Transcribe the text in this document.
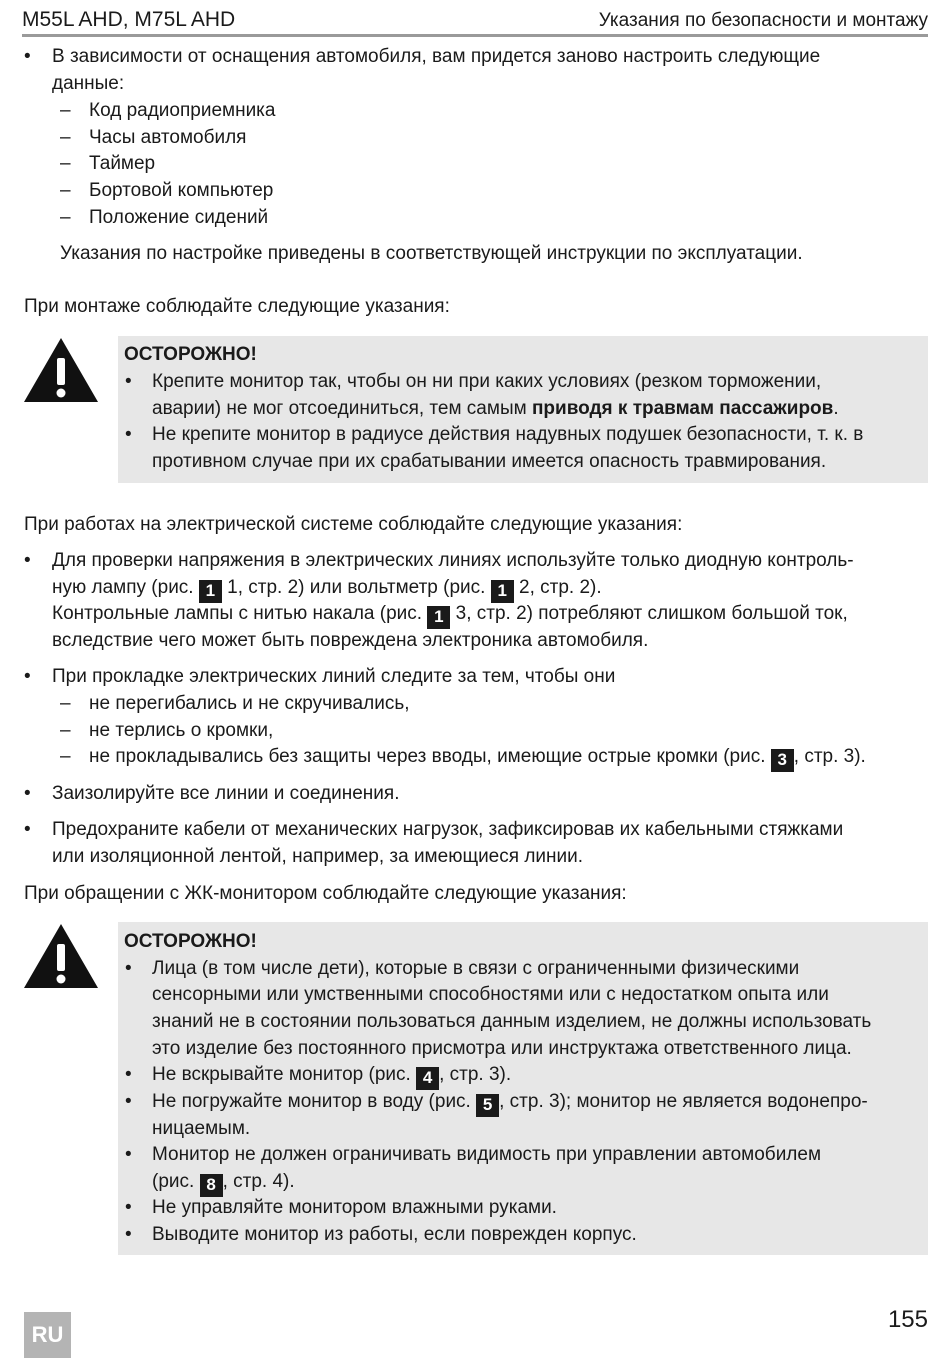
M55L AHD, M75L AHD	Указания по безопасности и монтажу
• В зависимости от оснащения автомобиля, вам придется заново настроить следующие
данные:
– Код радиоприемника
– Часы автомобиля
– Таймер
– Бортовой компьютер
– Положение сидений
Указания по настройке приведены в соответствующей инструкции по эксплуатации.
При монтаже соблюдайте следующие указания:
ОСТОРОЖНО!
• Крепите монитор так, чтобы он ни при каких условиях (резком торможении,
аварии) не мог отсоединиться, тем самым приводя к травмам пассажиров.
• Не крепите монитор в радиусе действия надувных подушек безопасности, т. к. в
противном случае при их срабатывании имеется опасность травмирования.
При работах на электрической системе соблюдайте следующие указания:
• Для проверки напряжения в электрических линиях используйте только диодную контроль-
ную лампу (рис. 1 1, стр. 2) или вольтметр (рис. 1 2, стр. 2).
Контрольные лампы с нитью накала (рис. 1 3, стр. 2) потребляют слишком большой ток,
вследствие чего может быть повреждена электроника автомобиля.
• При прокладке электрических линий следите за тем, чтобы они
– не перегибались и не скручивались,
– не терлись о кромки,
– не прокладывались без защиты через вводы, имеющие острые кромки (рис. 3 , стр. 3).
• Заизолируйте все линии и соединения.
• Предохраните кабели от механических нагрузок, зафиксировав их кабельными стяжками
или изоляционной лентой, например, за имеющиеся линии.
При обращении с ЖК-монитором соблюдайте следующие указания:
ОСТОРОЖНО!
• Лица (в том числе дети), которые в связи с ограниченными физическими
сенсорными или умственными способностями или с недостатком опыта или
знаний не в состоянии пользоваться данным изделием, не должны использовать
это изделие без постоянного присмотра или инструктажа ответственного лица.
• Не вскрывайте монитор (рис. 4 , стр. 3).
• Не погружайте монитор в воду (рис. 5 , стр. 3); монитор не является водонепро-
ницаемым.
• Монитор не должен ограничивать видимость при управлении автомобилем
(рис. 8 , стр. 4).
• Не управляйте монитором влажными руками.
• Выводите монитор из работы, если поврежден корпус.
RU
155
